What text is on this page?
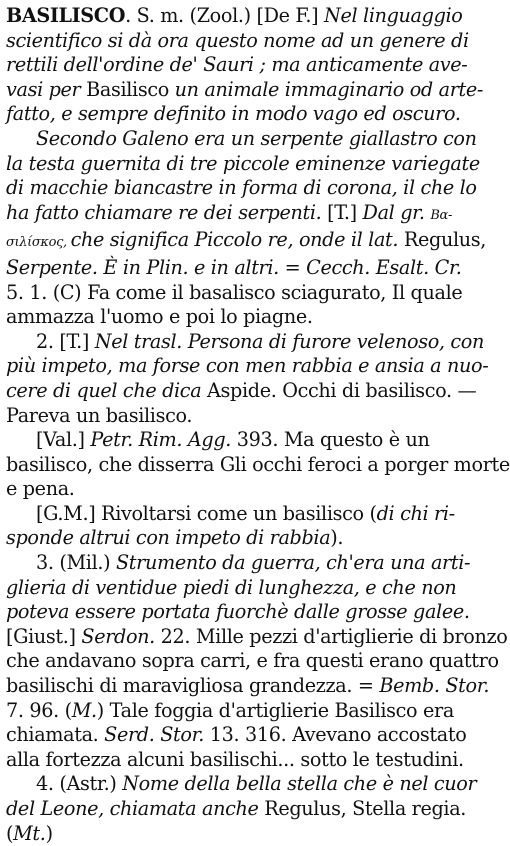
BASILISCO. S. m. (Zool.) [De F.] Nel linguaggio
scientifico si dà ora questo nome ad un genere di
rettili dell'ordine de' Sauri ; ma anticamente ave-
vasi per Basilisco un animale immaginario od arte-
fatto, e sempre definito in modo vago ed oscuro.
Secondo Galeno era un serpente giallastro con
la testa guernita di tre piccole eminenze variegate
di macchie biancastre in forma di corona, il che lo
ha fatto chiamare re dei serpenti. [T.] Dal gr. Βα-
σιλίσκος, che significa Piccolo re, onde il lat. Regulus,
Serpente. È in Plin. e in altri. = Cecch. Esalt. Cr.
5. 1. (C) Fa come il basalisco sciagurato, Il quale
ammazza l'uomo e poi lo piagne.
2. [T.] Nel trasl. Persona di furore velenoso, con
più impeto, ma forse con men rabbia e ansia a nuo-
cere di quel che dica Aspide. Occhi di basilisco. —
Pareva un basilisco.
[Val.] Petr. Rim. Agg. 393. Ma questo è un
basilisco, che disserra Gli occhi feroci a porger morte
e pena.
[G.M.] Rivoltarsi come un basilisco (di chi ri-
sponde altrui con impeto di rabbia).
3. (Mil.) Strumento da guerra, ch'era una arti-
glieria di ventidue piedi di lunghezza, e che non
poteva essere portata fuorchè dalle grosse galee.
[Giust.] Serdon. 22. Mille pezzi d'artiglierie di bronzo
che andavano sopra carri, e fra questi erano quattro
basilischi di maravigliosa grandezza. = Bemb. Stor.
7. 96. (M.) Tale foggia d'artiglierie Basilisco era
chiamata. Serd. Stor. 13. 316. Avevano accostato
alla fortezza alcuni basilischi... sotto le testudini.
4. (Astr.) Nome della bella stella che è nel cuor
del Leone, chiamata anche Regulus, Stella regia.
(Mt.)
